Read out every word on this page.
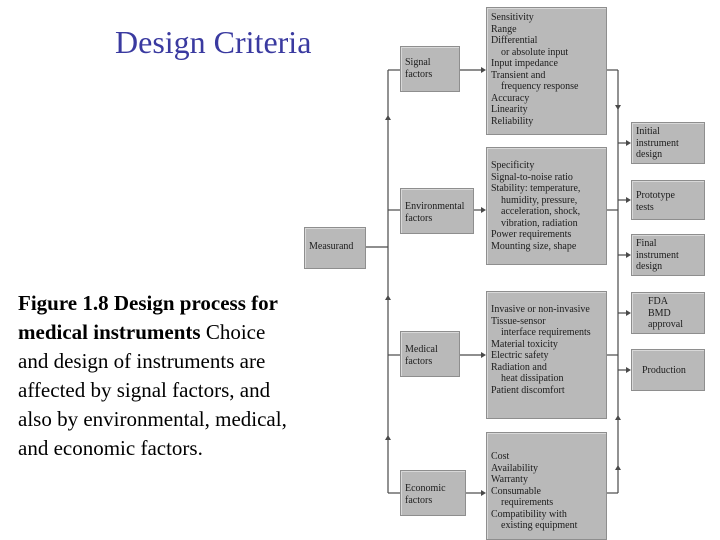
Design Criteria
Figure 1.8 Design process for medical instruments Choice and design of instruments are affected by signal factors, and also by environmental, medical, and economic factors.
Measurand
Signal
factors
Environmental
factors
Medical
factors
Economic
factors
Sensitivity
Range
Differential
or absolute input
Input impedance
Transient and
frequency response
Accuracy
Linearity
Reliability
Specificity
Signal-to-noise ratio
Stability: temperature,
humidity, pressure,
acceleration, shock,
vibration, radiation
Power requirements
Mounting size, shape
Invasive or non-invasive
Tissue-sensor
interface requirements
Material toxicity
Electric safety
Radiation and
heat dissipation
Patient discomfort
Cost
Availability
Warranty
Consumable
requirements
Compatibility with
existing equipment
Initial
instrument
design
Prototype
tests
Final
instrument
design
FDA
BMD
approval
Production
